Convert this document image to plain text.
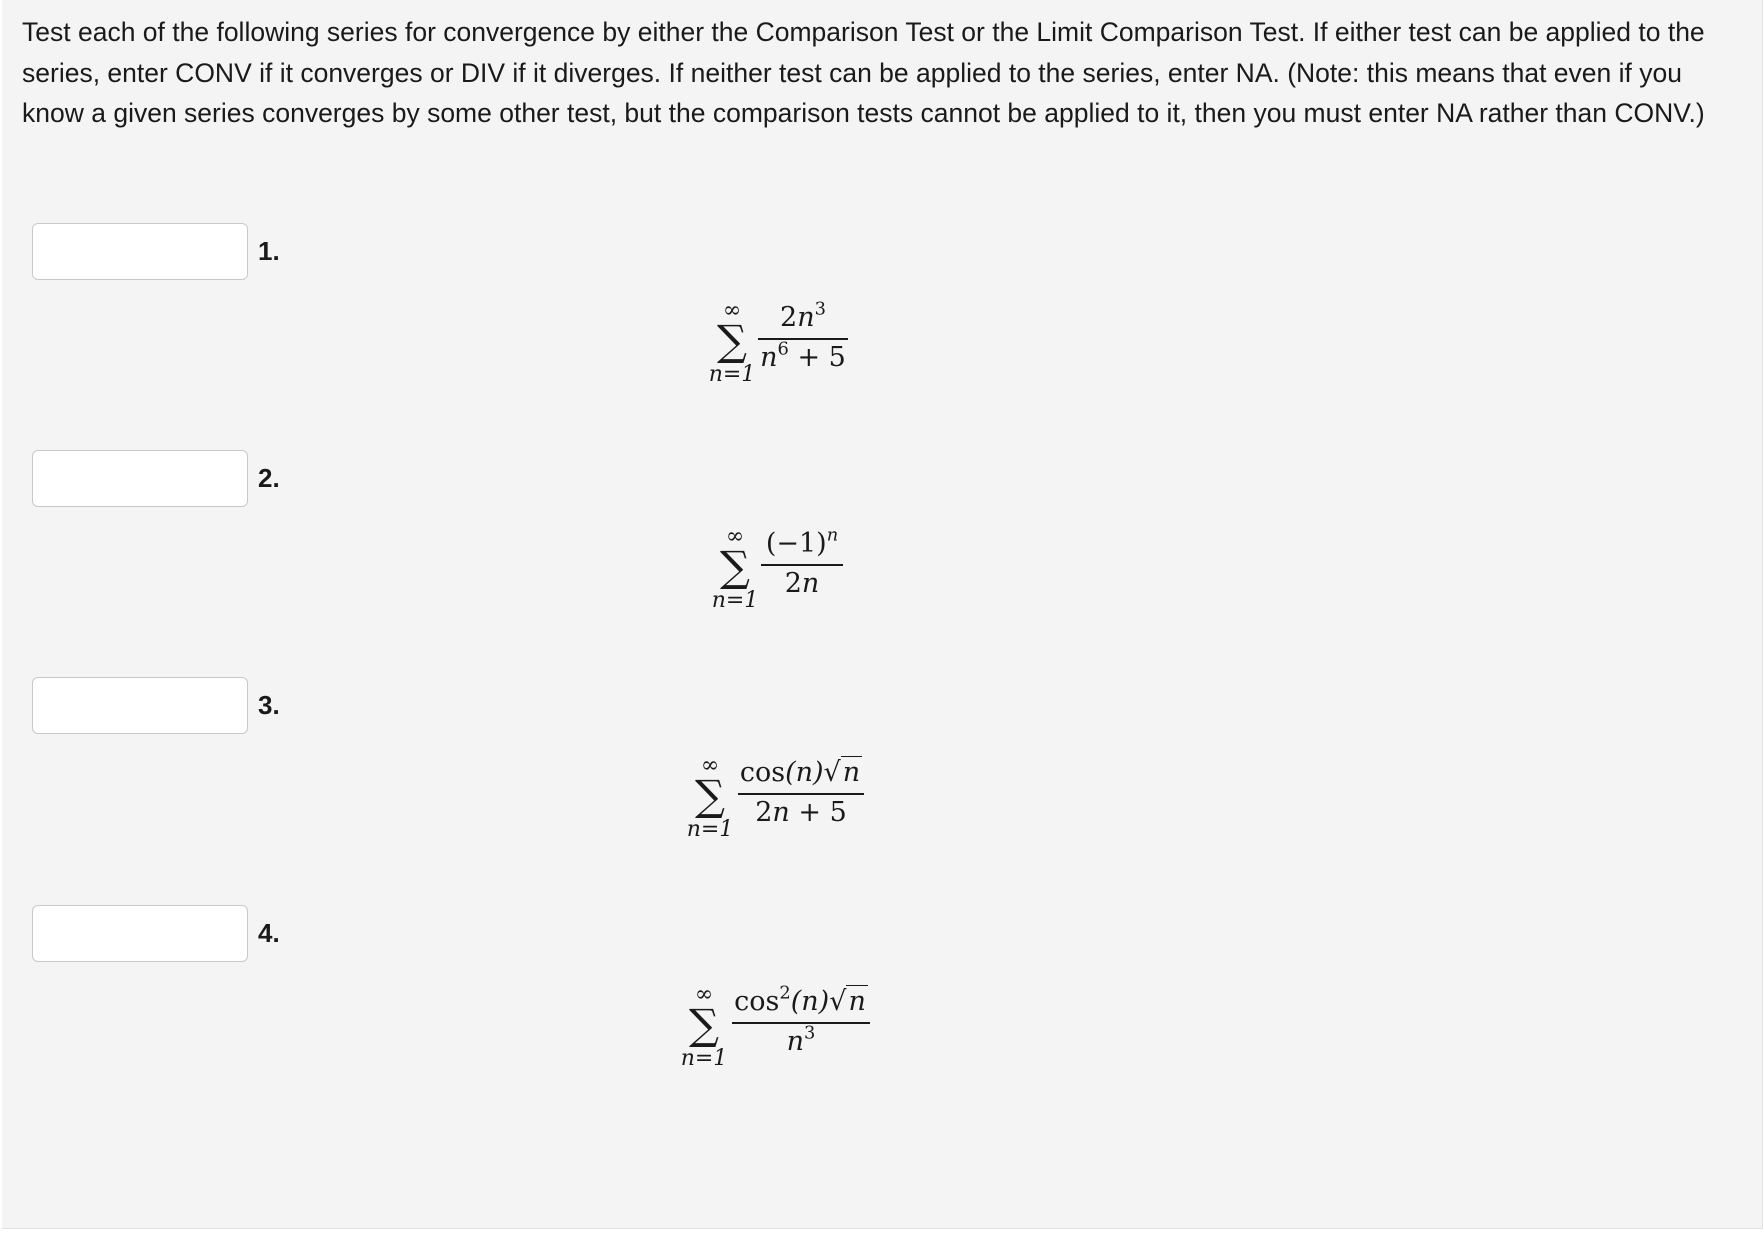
Test each of the following series for convergence by either the Comparison Test or the Limit Comparison Test. If either test can be applied to the series, enter CONV if it converges or DIV if it diverges. If neither test can be applied to the series, enter NA. (Note: this means that even if you know a given series converges by some other test, but the comparison tests cannot be applied to it, then you must enter NA rather than CONV.)

1.
∞
∑
n=1
$2n^3$
$n^6 + 5$
2.
∞
∑
n=1
$(-1)^n$
2n
3.
∞
∑
n=1
cos(n)√n
2n + 5
4.
∞
∑
n=1
$\cos^2(n)√n$
$n^3$
